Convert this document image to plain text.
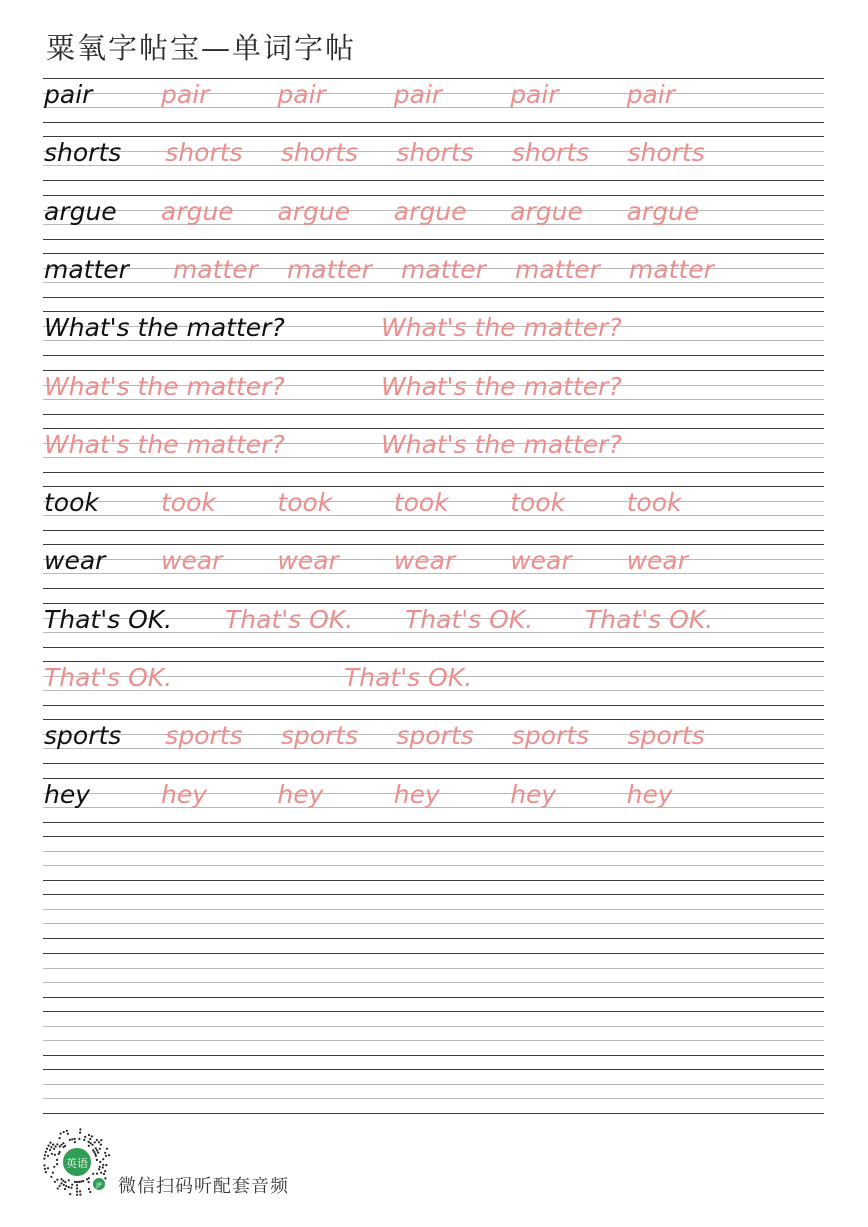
粟氧字帖宝—单词字帖
pair	pair	pair	pair	pair	pair
shorts shorts shorts shorts shorts shorts
argue argue argue argue argue argue
matter matter matter matter matter matter
What's the matter?	What's the matter?
What's the matter?	What's the matter?
What's the matter?	What's the matter?
took took took took took took
wear wear wear wear wear wear
That's OK. That's OK. That's OK. That's OK.
That's OK.	That's OK.
sports sports sports sports sports sports
hey	hey	hey	hey	hey	hey
英语
JP 微信扫码听配套音频
